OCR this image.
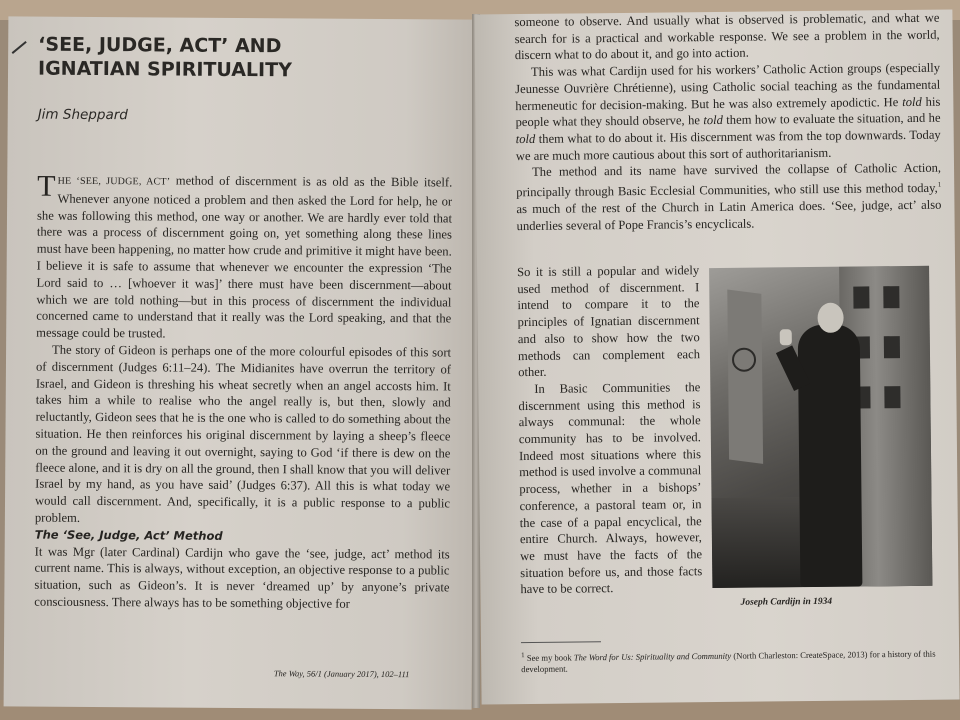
‘SEE, JUDGE, ACT’ AND
IGNATIAN SPIRITUALITY
Jim Sheppard

THE ‘SEE, JUDGE, ACT’ method of discernment is as old as the Bible itself. Whenever anyone noticed a problem and then asked the Lord for help, he or she was following this method, one way or another. We are hardly ever told that there was a process of discernment going on, yet something along these lines must have been happening, no matter how crude and primitive it might have been. I believe it is safe to assume that whenever we encounter the expression ‘The Lord said to … [whoever it was]’ there must have been discernment—about which we are told nothing—but in this process of discernment the individual concerned came to understand that it really was the Lord speaking, and that the message could be trusted.

The story of Gideon is perhaps one of the more colourful episodes of this sort of discernment (Judges 6:11–24). The Midianites have overrun the territory of Israel, and Gideon is threshing his wheat secretly when an angel accosts him. It takes him a while to realise who the angel really is, but then, slowly and reluctantly, Gideon sees that he is the one who is called to do something about the situation. He then reinforces his original discernment by laying a sheep’s fleece on the ground and leaving it out overnight, saying to God ‘if there is dew on the fleece alone, and it is dry on all the ground, then I shall know that you will deliver Israel by my hand, as you have said’ (Judges 6:37). All this is what today we would call discernment. And, specifically, it is a public response to a public problem.

The ‘See, Judge, Act’ Method

It was Mgr (later Cardinal) Cardijn who gave the ‘see, judge, act’ method its current name. This is always, without exception, an objective response to a public situation, such as Gideon’s. It is never ‘dreamed up’ by anyone’s private consciousness. There always has to be something objective for

The Way, 56/1 (January 2017), 102–111

someone to observe. And usually what is observed is problematic, and what we search for is a practical and workable response. We see a problem in the world, discern what to do about it, and go into action.

This was what Cardijn used for his workers’ Catholic Action groups (especially Jeunesse Ouvrière Chrétienne), using Catholic social teaching as the fundamental hermeneutic for decision-making. But he was also extremely apodictic. He told his people what they should observe, he told them how to evaluate the situation, and he told them what to do about it. His discernment was from the top downwards. Today we are much more cautious about this sort of authoritarianism.

The method and its name have survived the collapse of Catholic Action, principally through Basic Ecclesial Communities, who still use this method today,$^1$ as much of the rest of the Church in Latin America does. ‘See, judge, act’ also underlies several of Pope Francis’s encyclicals.

So it is still a popular and widely used method of discernment. I intend to compare it to the principles of Ignatian discernment and also to show how the two methods can complement each other.

In Basic Communities the discernment using this method is always communal: the whole community has to be involved. Indeed most situations where this method is used involve a communal process, whether in a bishops’ conference, a pastoral team or, in the case of a papal encyclical, the entire Church. Always, however, we must have the facts of the situation before us, and those facts have to be correct.

Joseph Cardijn in 1934
$^1$ See my book The Word for Us: Spirituality and Community (North Charleston: CreateSpace, 2013) for a history of this development.
